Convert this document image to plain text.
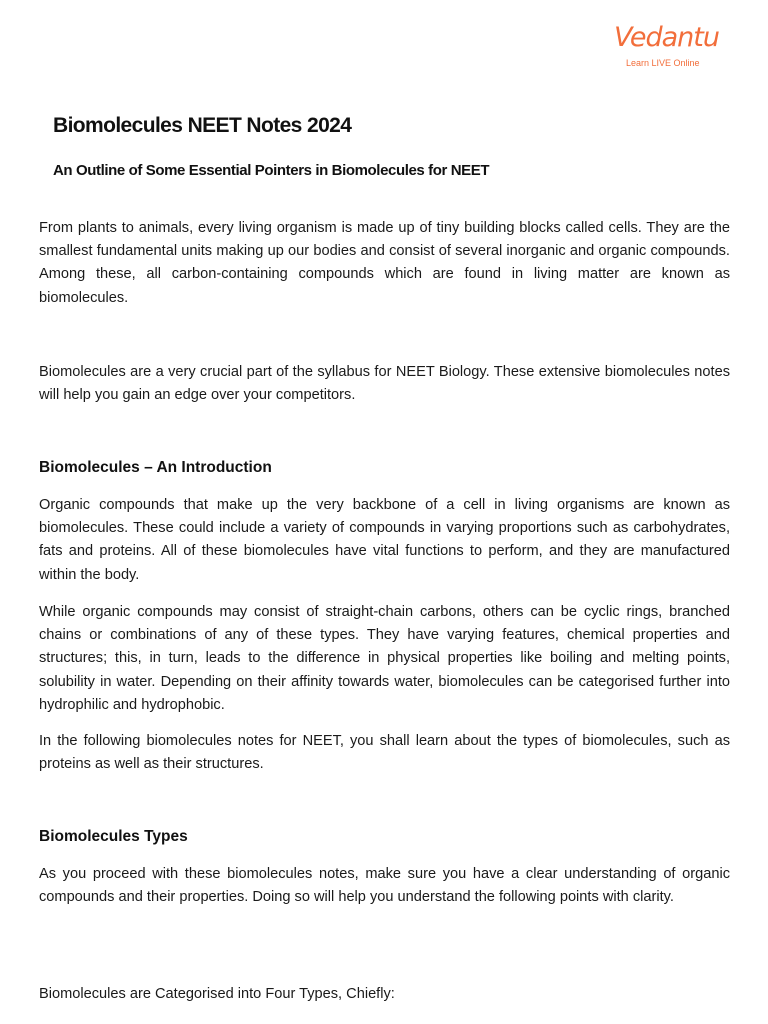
Vedantu
Learn LIVE Online
Biomolecules NEET Notes 2024
An Outline of Some Essential Pointers in Biomolecules for NEET

From plants to animals, every living organism is made up of tiny building blocks called cells. They are the smallest fundamental units making up our bodies and consist of several inorganic and organic compounds. Among these, all carbon-containing compounds which are found in living matter are known as biomolecules.

Biomolecules are a very crucial part of the syllabus for NEET Biology. These extensive biomolecules notes will help you gain an edge over your competitors.

Biomolecules – An Introduction

Organic compounds that make up the very backbone of a cell in living organisms are known as biomolecules. These could include a variety of compounds in varying proportions such as carbohydrates, fats and proteins. All of these biomolecules have vital functions to perform, and they are manufactured within the body.

While organic compounds may consist of straight-chain carbons, others can be cyclic rings, branched chains or combinations of any of these types. They have varying features, chemical properties and structures; this, in turn, leads to the difference in physical properties like boiling and melting points, solubility in water. Depending on their affinity towards water, biomolecules can be categorised further into hydrophilic and hydrophobic.

In the following biomolecules notes for NEET, you shall learn about the types of biomolecules, such as proteins as well as their structures.

Biomolecules Types

As you proceed with these biomolecules notes, make sure you have a clear understanding of organic compounds and their properties. Doing so will help you understand the following points with clarity.

Biomolecules are Categorised into Four Types, Chiefly:
